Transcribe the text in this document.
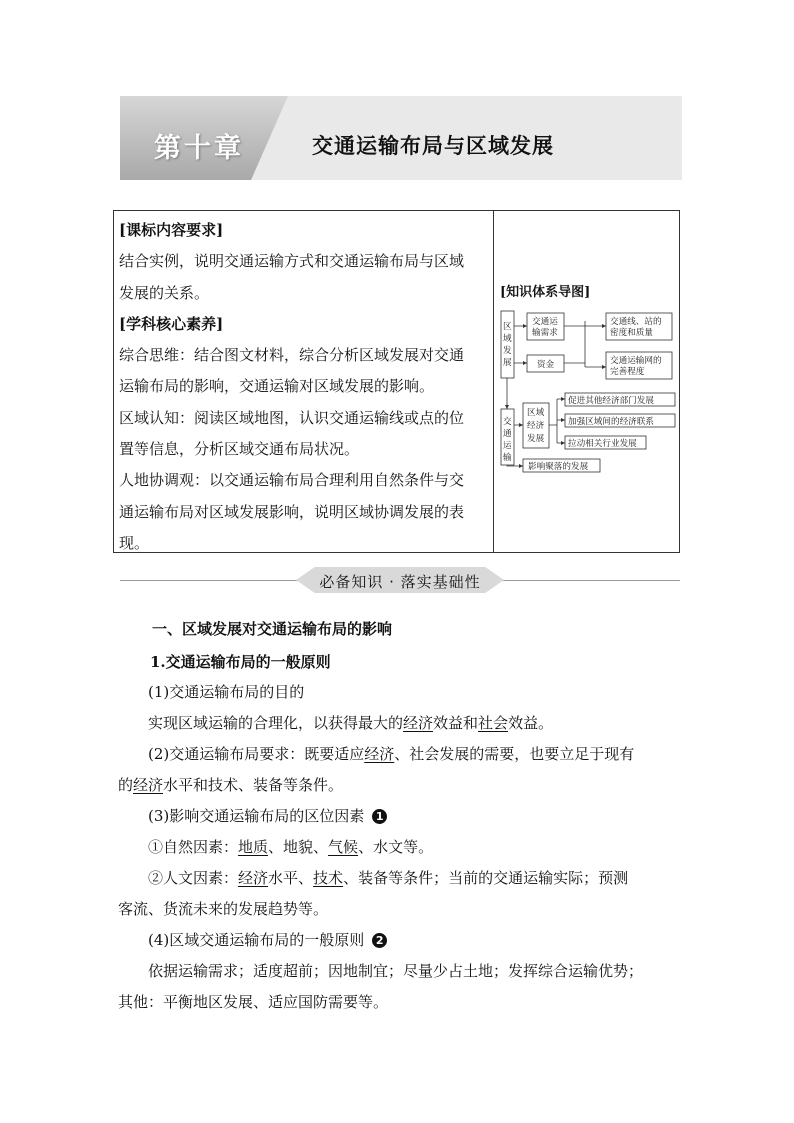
第十章	交通运输布局与区域发展
[课标内容要求]
结合实例，说明交通运输方式和交通运输布局与区域
发展的关系。
[学科核心素养]
综合思维：结合图文材料，综合分析区域发展对交通
运输布局的影响，交通运输对区域发展的影响。
区域认知：阅读区域地图，认识交通运输线或点的位
置等信息，分析区域交通布局状况。
人地协调观：以交通运输布局合理利用自然条件与交
通运输布局对区域发展影响，说明区域协调发展的表
现。
[知识体系导图]
区
域
发
展
交通运
输需求
资金
交通线、站的
密度和质量
交通运输网的
完善程度
交
通
运
输
区域
经济
发展
促进其他经济部门发展
加强区域间的经济联系
拉动相关行业发展
影响聚落的发展
必备知识 · 落实基础性
一、区域发展对交通运输布局的影响
1.交通运输布局的一般原则
(1)交通运输布局的目的
实现区域运输的合理化，以获得最大的经济效益和社会效益。
(2)交通运输布局要求：既要适应经济、社会发展的需要，也要立足于现有
的经济水平和技术、装备等条件。
(3)影响交通运输布局的区位因素 1
①自然因素：地质、地貌、气候、水文等。
②人文因素：经济水平、技术、装备等条件；当前的交通运输实际；预测
客流、货流未来的发展趋势等。
(4)区域交通运输布局的一般原则 2
依据运输需求；适度超前；因地制宜；尽量少占土地；发挥综合运输优势；
其他：平衡地区发展、适应国防需要等。
